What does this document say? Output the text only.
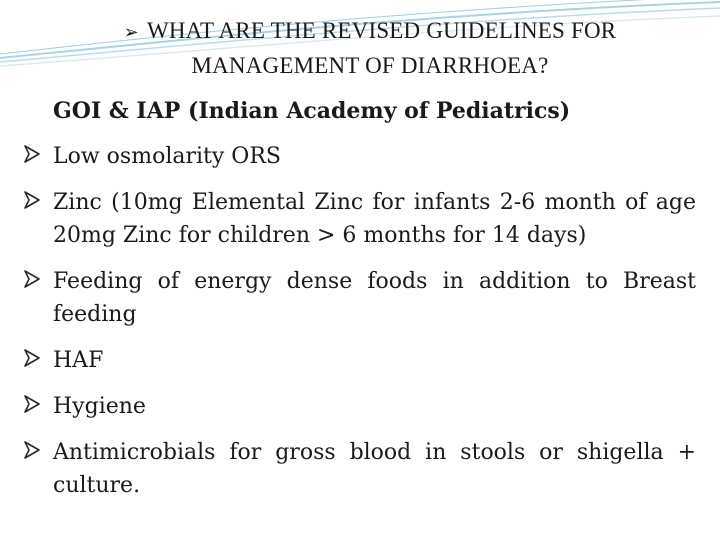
➢ WHAT ARE THE REVISED GUIDELINES FOR
MANAGEMENT OF DIARRHOEA?
GOI & IAP (Indian Academy of Pediatrics)
Low osmolarity ORS
Zinc (10mg Elemental Zinc for infants 2-6 month of age 20mg Zinc for children > 6 months for 14 days)
Feeding of energy dense foods in addition to Breast feeding
HAF
Hygiene
Antimicrobials for gross blood in stools or shigella + culture.
